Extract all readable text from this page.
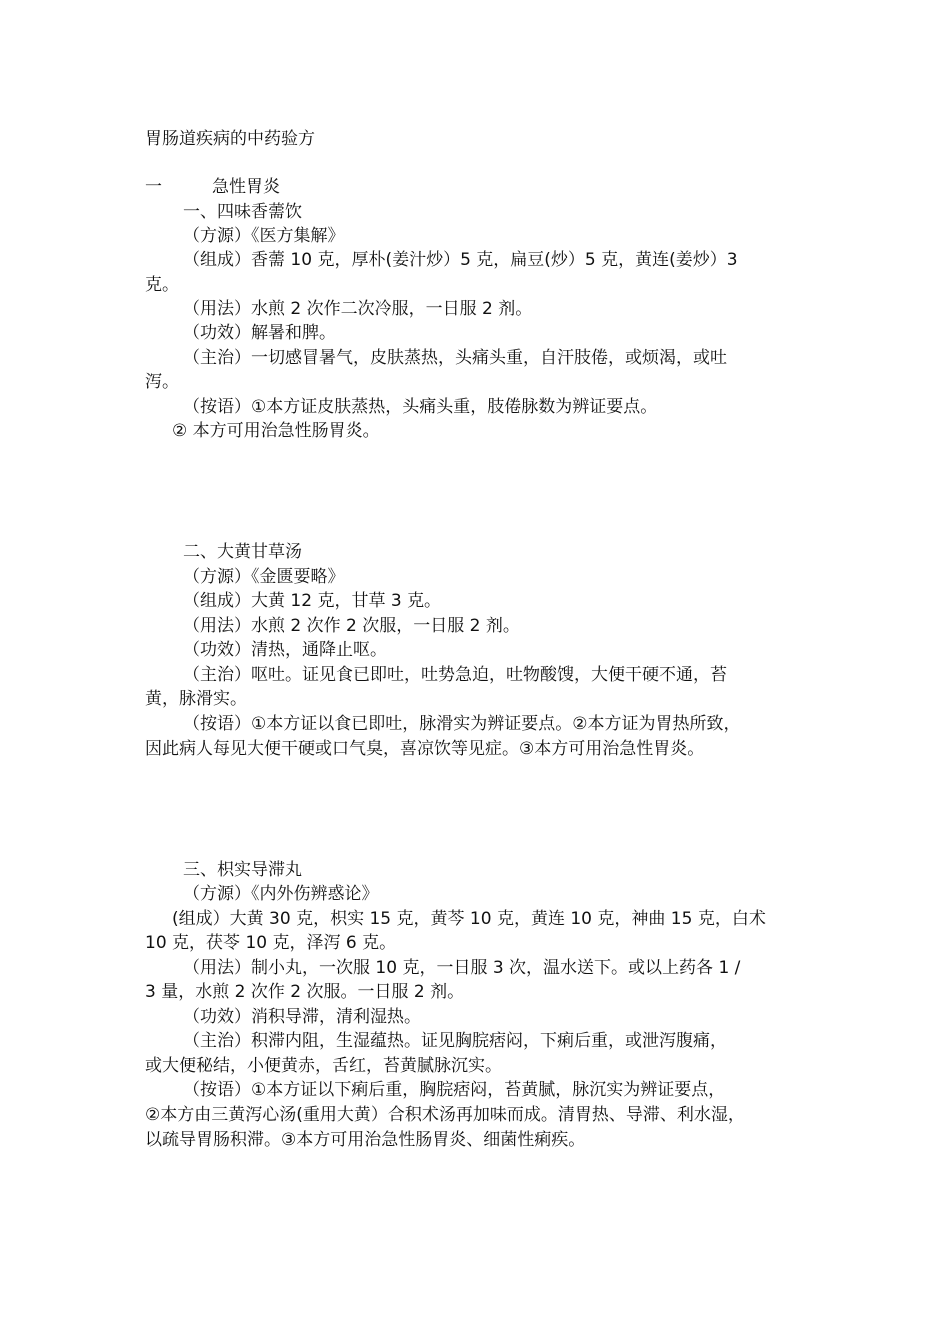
胃肠道疾病的中药验方
一	急性胃炎
一、四味香薷饮
（方源）《医方集解》
（组成）香薷 10 克，厚朴(姜汁炒）5 克，扁豆(炒）5 克，黄连(姜炒）3
克。
（用法）水煎 2 次作二次冷服，一日服 2 剂。
（功效）解暑和脾。
（主治）一切感冒暑气，皮肤蒸热，头痛头重，自汗肢倦，或烦渴，或吐
泻。
（按语）①本方证皮肤蒸热，头痛头重，肢倦脉数为辨证要点。
② 本方可用治急性肠胃炎。
二、大黄甘草汤
（方源）《金匮要略》
（组成）大黄 12 克，甘草 3 克。
（用法）水煎 2 次作 2 次服，一日服 2 剂。
（功效）清热，通降止呕。
（主治）呕吐。证见食已即吐，吐势急迫，吐物酸馊，大便干硬不通，苔
黄，脉滑实。
（按语）①本方证以食已即吐，脉滑实为辨证要点。②本方证为胃热所致，
因此病人每见大便干硬或口气臭，喜凉饮等见症。③本方可用治急性胃炎。
三、枳实导滞丸
（方源）《内外伤辨惑论》
(组成）大黄 30 克，枳实 15 克，黄芩 10 克，黄连 10 克，神曲 15 克，白术
10 克，茯苓 10 克，泽泻 6 克。
（用法）制小丸，一次服 10 克，一日服 3 次，温水送下。或以上药各 1 /
3 量，水煎 2 次作 2 次服。一日服 2 剂。
（功效）消积导滞，清利湿热。
（主治）积滞内阻，生湿蕴热。证见胸脘痞闷，下痢后重，或泄泻腹痛，
或大便秘结，小便黄赤，舌红，苔黄腻脉沉实。
（按语）①本方证以下痢后重，胸脘痞闷，苔黄腻，脉沉实为辨证要点，
②本方由三黄泻心汤(重用大黄）合积术汤再加味而成。清胃热、导滞、利水湿，
以疏导胃肠积滞。③本方可用治急性肠胃炎、细菌性痢疾。
